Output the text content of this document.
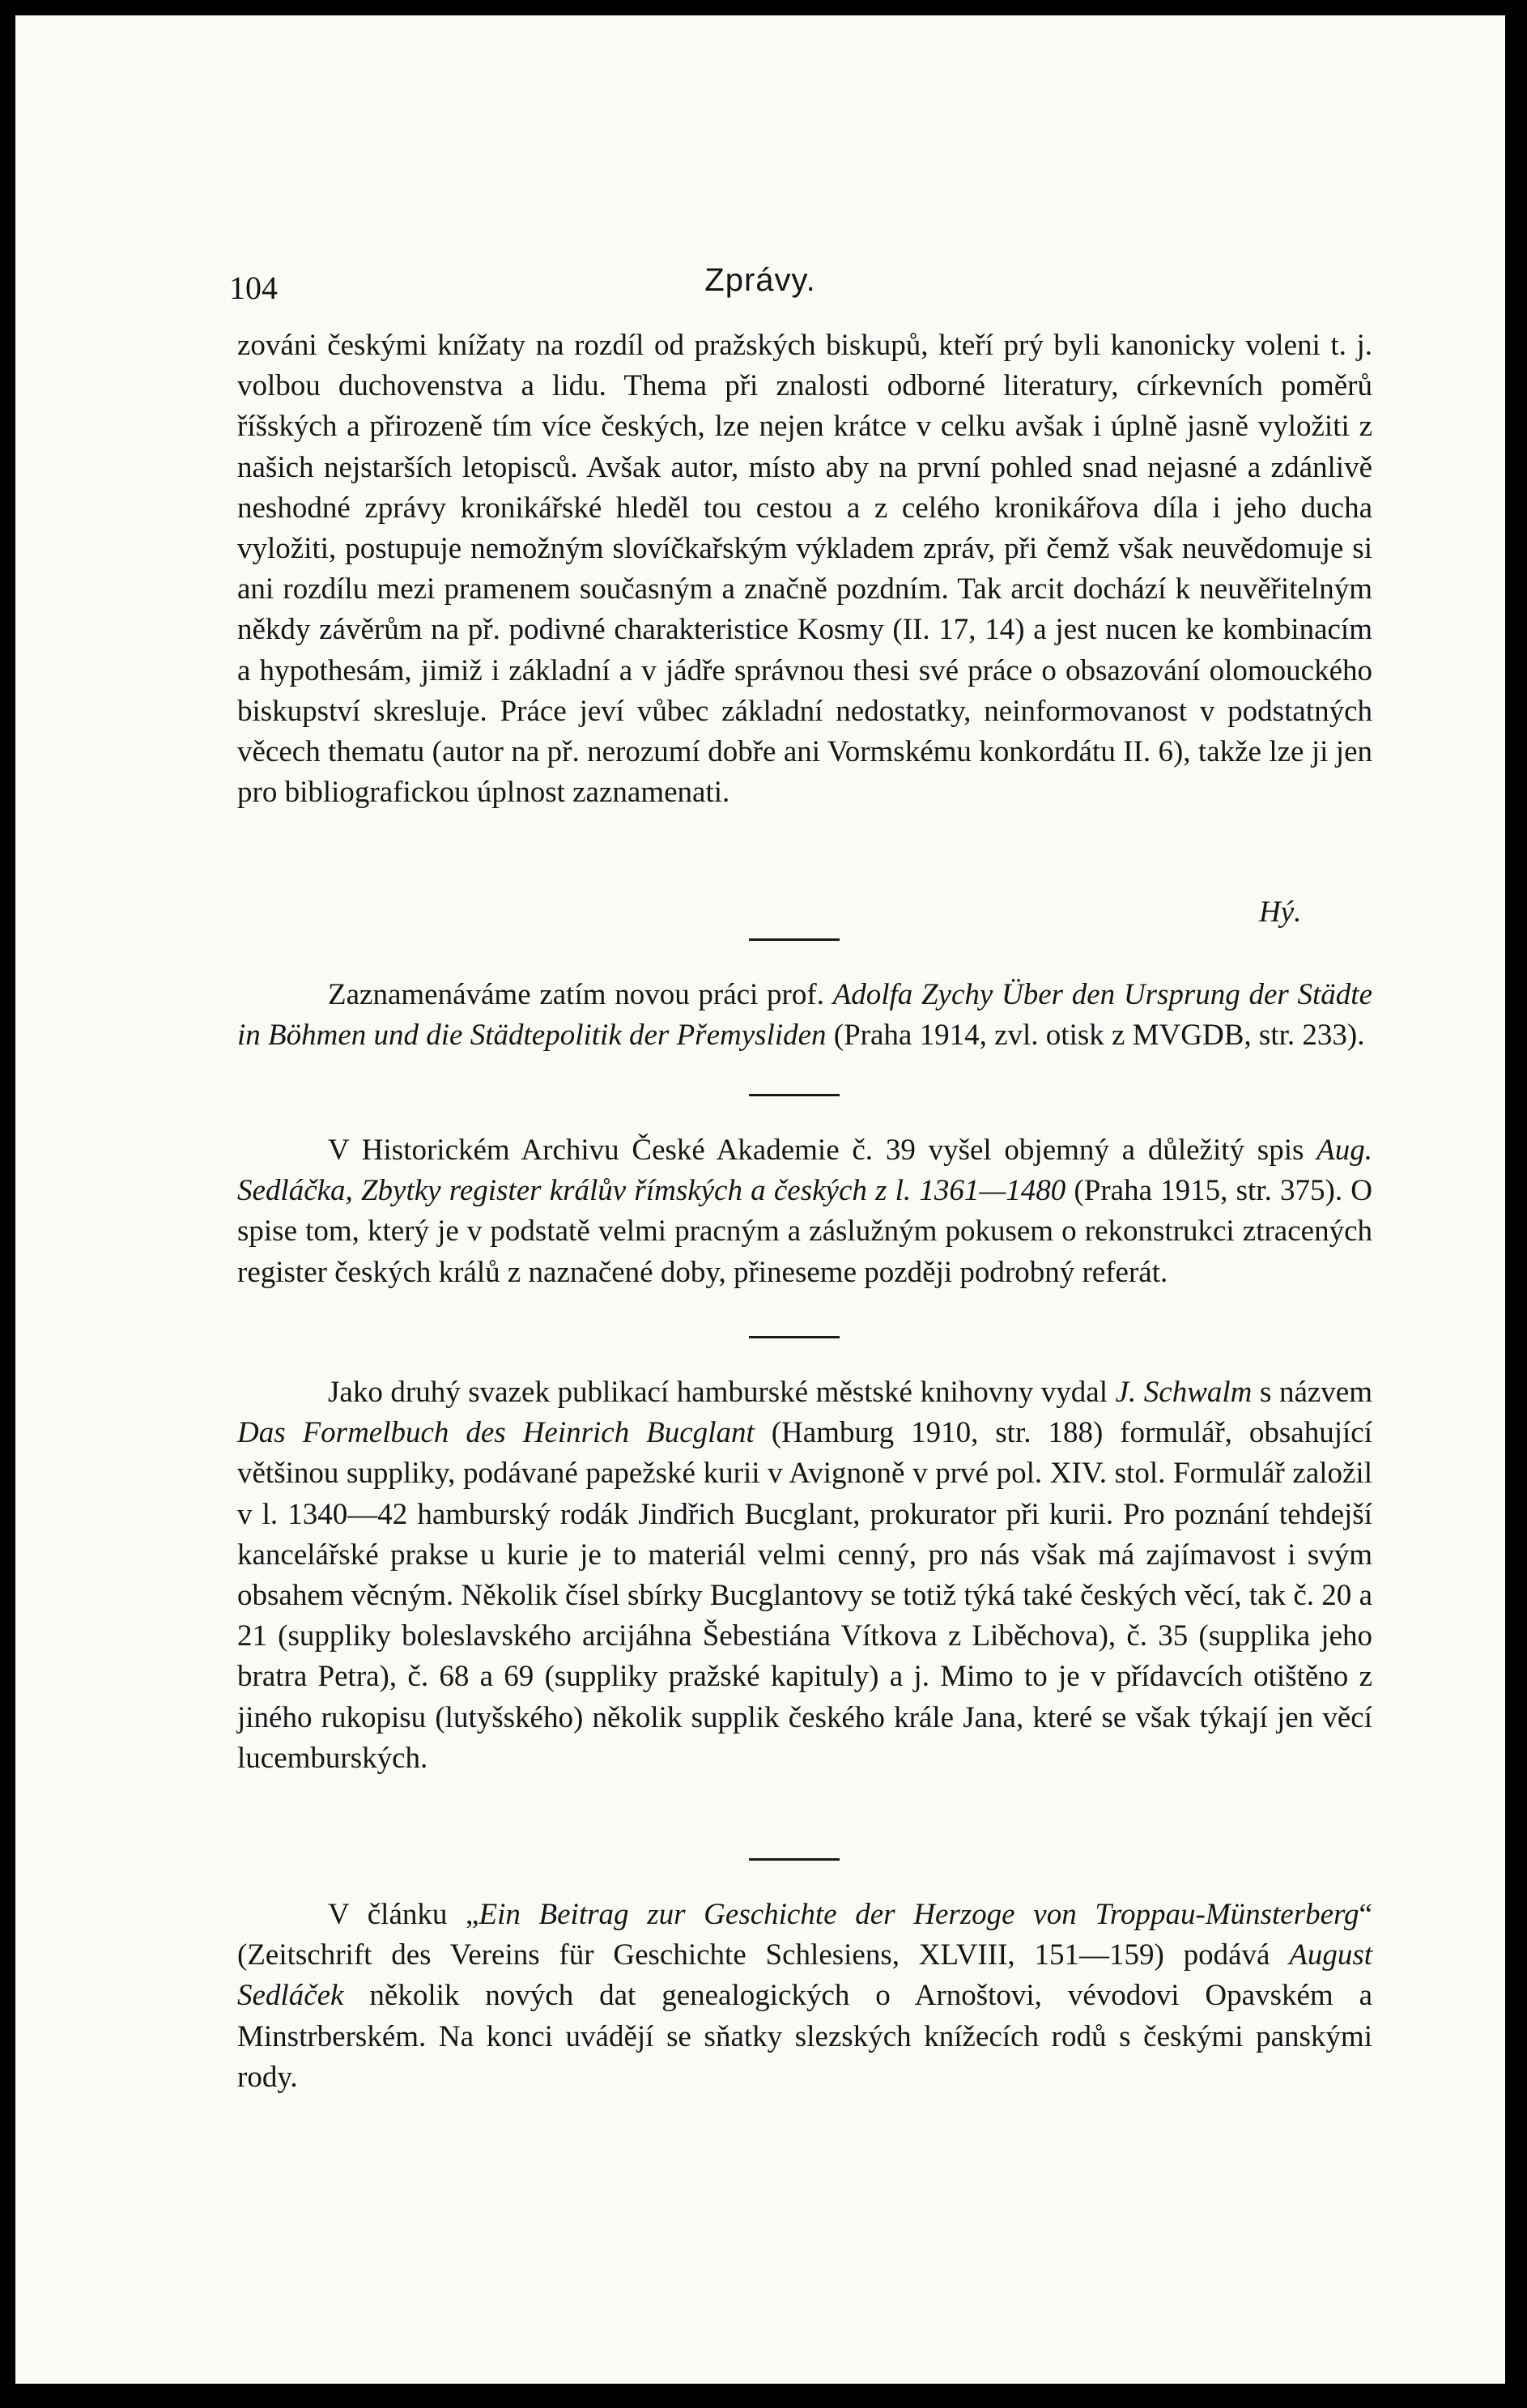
104	Zprávy.

zováni českými knížaty na rozdíl od pražských biskupů, kteří prý byli kanonicky voleni t. j. volbou duchovenstva a lidu. Thema při znalosti odborné literatury, církevních poměrů říšských a přirozeně tím více českých, lze nejen krátce v celku avšak i úplně jasně vyložiti z našich nejstarších letopisců. Avšak autor, místo aby na první pohled snad nejasné a zdánlivě neshodné zprávy kronikářské hleděl tou cestou a z celého kronikářova díla i jeho ducha vyložiti, postupuje nemožným slovíčkařským výkladem zpráv, při čemž však neuvědomuje si ani rozdílu mezi pramenem současným a značně pozdním. Tak arcit dochází k neuvěřitelným někdy závěrům na př. podivné charakteristice Kosmy (II. 17, 14) a jest nucen ke kombinacím a hypothesám, jimiž i základní a v jádře správnou thesi své práce o obsazování olomouckého biskupství skresluje. Práce jeví vůbec základní nedostatky, neinformovanost v podstatných věcech thematu (autor na př. nerozumí dobře ani Vormskému konkordátu II. 6), takže lze ji jen pro bibliografickou úplnost zaznamenati.

Hý.

Zaznamenáváme zatím novou práci prof. Adolfa Zychy Über den Ursprung der Städte in Böhmen und die Städtepolitik der Přemysliden (Praha 1914, zvl. otisk z MVGDB, str. 233).

V Historickém Archivu České Akademie č. 39 vyšel objemný a důležitý spis Aug. Sedláčka, Zbytky register králův římských a českých z l. 1361—1480 (Praha 1915, str. 375). O spise tom, který je v podstatě velmi pracným a záslužným pokusem o rekonstrukci ztracených register českých králů z naznačené doby, přineseme později podrobný referát.

Jako druhý svazek publikací hamburské městské knihovny vydal J. Schwalm s názvem Das Formelbuch des Heinrich Bucglant (Hamburg 1910, str. 188) formulář, obsahující většinou suppliky, podávané papežské kurii v Avignoně v prvé pol. XIV. stol. Formulář založil v l. 1340—42 hamburský rodák Jindřich Bucglant, prokurator při kurii. Pro poznání tehdejší kancelářské prakse u kurie je to materiál velmi cenný, pro nás však má zajímavost i svým obsahem věcným. Několik čísel sbírky Bucglantovy se totiž týká také českých věcí, tak č. 20 a 21 (suppliky boleslavského arcijáhna Šebestiána Vítkova z Liběchova), č. 35 (supplika jeho bratra Petra), č. 68 a 69 (suppliky pražské kapituly) a j. Mimo to je v přídavcích otištěno z jiného rukopisu (lutyšského) několik supplik českého krále Jana, které se však týkají jen věcí lucemburských.

V článku „Ein Beitrag zur Geschichte der Herzoge von Troppau-Münsterberg“ (Zeitschrift des Vereins für Geschichte Schlesiens, XLVIII, 151—159) podává August Sedláček několik nových dat genealogických o Arnoštovi, vévodovi Opavském a Minstrberském. Na konci uvádějí se sňatky slezských knížecích rodů s českými panskými rody.
